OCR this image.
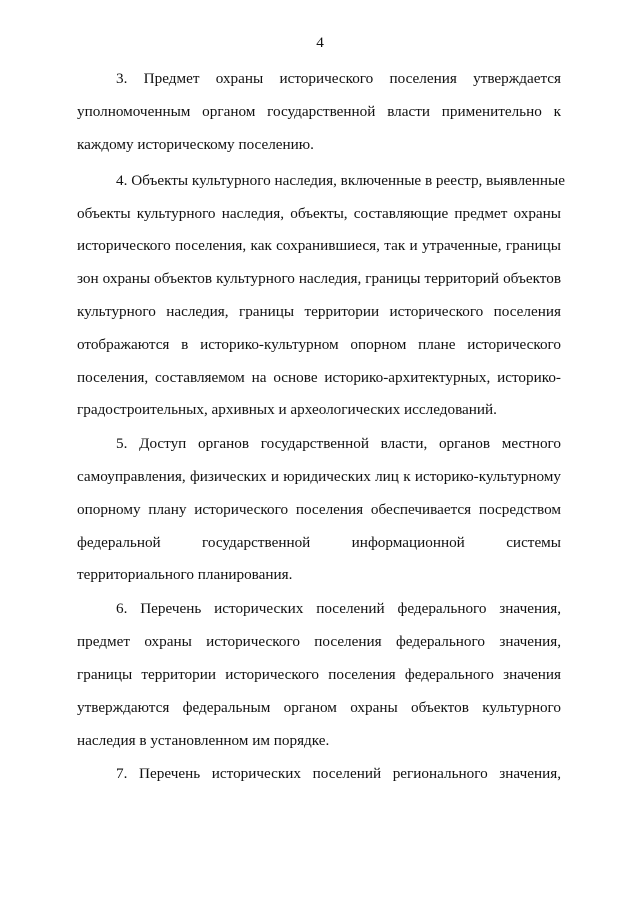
4
3. Предмет охраны исторического поселения утверждается
уполномоченным органом государственной власти применительно к
каждому историческому поселению.
4. Объекты культурного наследия, включенные в реестр, выявленные
объекты культурного наследия, объекты, составляющие предмет охраны
исторического поселения, как сохранившиеся, так и утраченные, границы
зон охраны объектов культурного наследия, границы территорий объектов
культурного наследия, границы территории исторического поселения
отображаются в историко-культурном опорном плане исторического
поселения, составляемом на основе историко-архитектурных, историко-
градостроительных, архивных и археологических исследований.
5. Доступ органов государственной власти, органов местного
самоуправления, физических и юридических лиц к историко-культурному
опорному плану исторического поселения обеспечивается посредством
федеральной государственной информационной системы
территориального планирования.
6. Перечень исторических поселений федерального значения,
предмет охраны исторического поселения федерального значения,
границы территории исторического поселения федерального значения
утверждаются федеральным органом охраны объектов культурного
наследия в установленном им порядке.
7. Перечень исторических поселений регионального значения,
